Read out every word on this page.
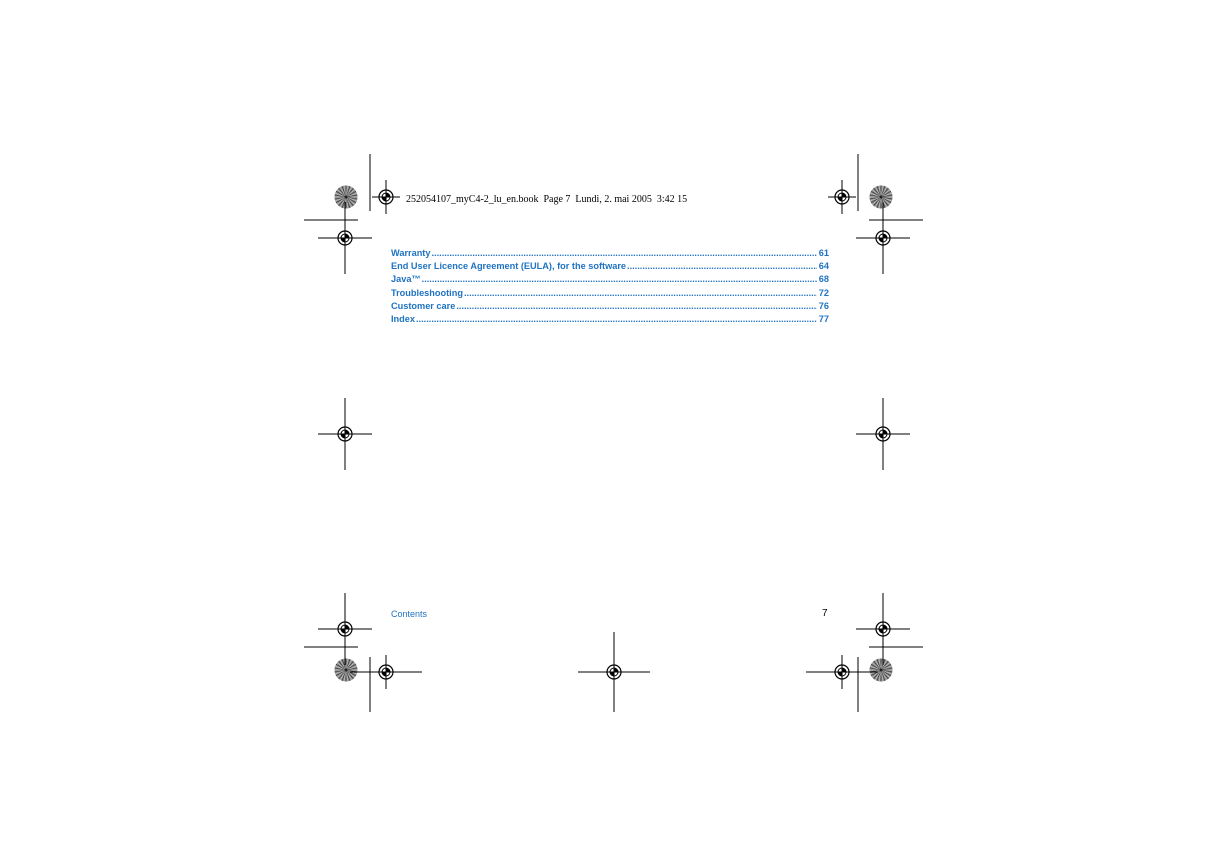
252054107_myC4-2_lu_en.book  Page 7  Lundi, 2. mai 2005  3:42 15
Warranty .....	61
End User Licence Agreement (EULA), for the software .....	64
Java™ .....	68
Troubleshooting .....	72
Customer care .....	76
Index .....	77
Contents	7
